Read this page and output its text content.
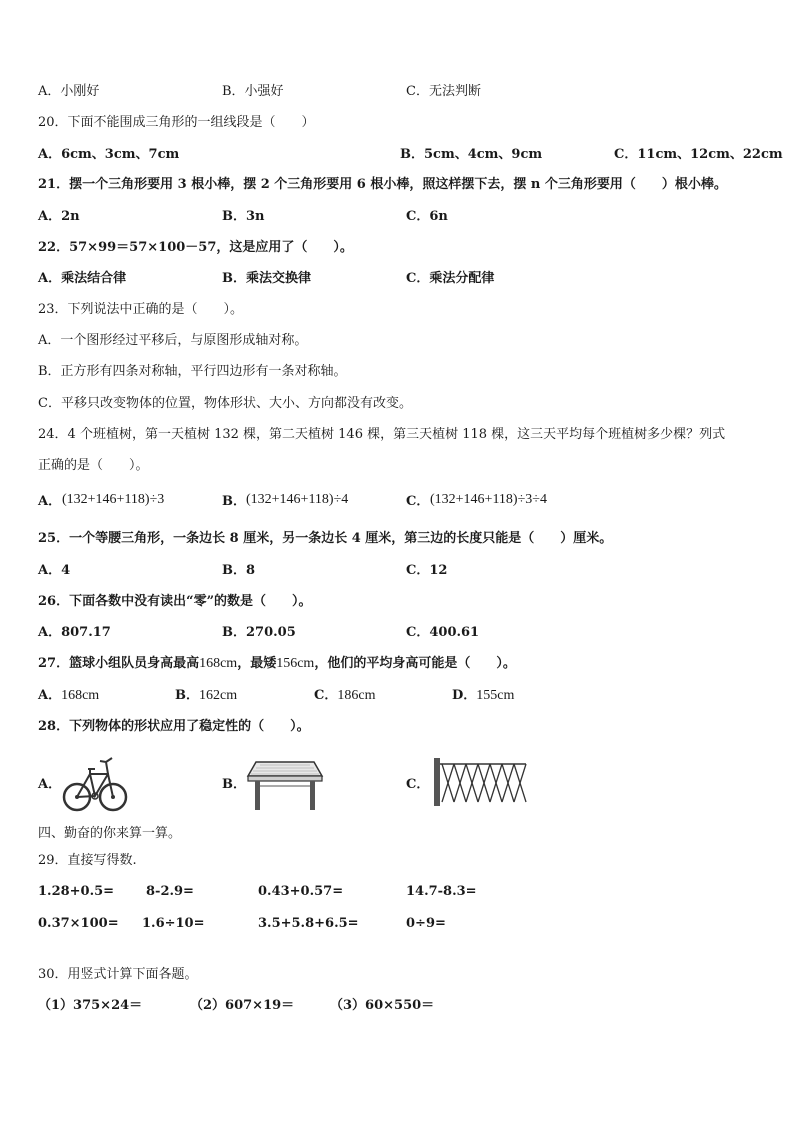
A．小刚好	B．小强好	C．无法判断
20．下面不能围成三角形的一组线段是（　　）
A．6cm、3cm、7cm	B．5cm、4cm、9cm	C．11cm、12cm、22cm
21．摆一个三角形要用 3 根小棒，摆 2 个三角形要用 6 根小棒，照这样摆下去，摆 n 个三角形要用（　　）根小棒。
A．2n	B．3n	C．6n
22．57×99＝57×100－57，这是应用了（　　）。
A．乘法结合律	B．乘法交换律	C．乘法分配律
23．下列说法中正确的是（　　）。
A．一个图形经过平移后，与原图形成轴对称。
B．正方形有四条对称轴，平行四边形有一条对称轴。
C．平移只改变物体的位置，物体形状、大小、方向都没有改变。
24．4 个班植树，第一天植树 132 棵，第二天植树 146 棵，第三天植树 118 棵，这三天平均每个班植树多少棵？列式
正确的是（　　）。
A． (132+146+118)÷3	B． (132+146+118)÷4	C． (132+146+118)÷3÷4
25．一个等腰三角形，一条边长 8 厘米，另一条边长 4 厘米，第三边的长度只能是（　　）厘米。
A．4	B．8	C．12
26．下面各数中没有读出“零”的数是（　　）。
A．807.17	B．270.05	C．400.61
27．篮球小组队员身高最高168cm，最矮156cm，他们的平均身高可能是（　　）。
A．168cm	B．162cm	C．186cm	D．155cm
28．下列物体的形状应用了稳定性的（　　）。
A．	B．	C．
四、勤奋的你来算一算。
29．直接写得数.
1.28+0.5= 8-2.9=	0.43+0.57=	14.7-8.3=
0.37×100= 1.6÷10=	3.5+5.8+6.5=	0÷9=
30．用竖式计算下面各题。
（1）375×24＝	（2）607×19＝	（3）60×550＝
